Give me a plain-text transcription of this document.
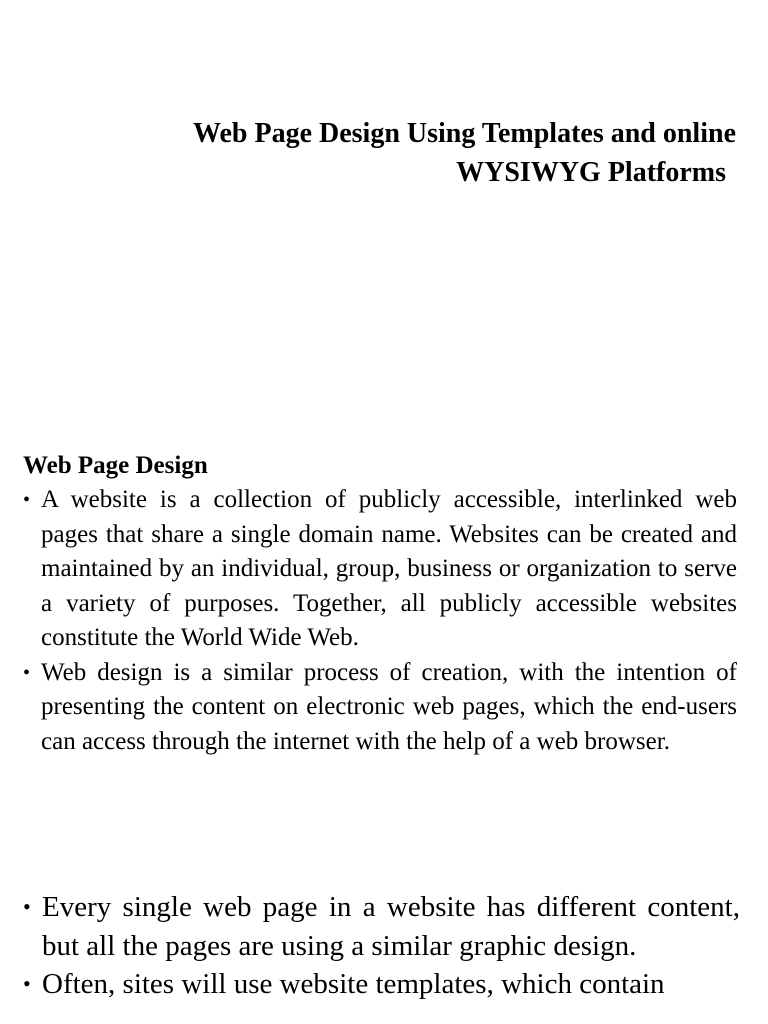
Web Page Design Using Templates and online
WYSIWYG Platforms
Web Page Design
• A website is a collection of publicly accessible, interlinked web pages that share a single domain name. Websites can be created and maintained by an individual, group, business or organization to serve a variety of purposes. Together, all publicly accessible websites constitute the World Wide Web.
• Web design is a similar process of creation, with the intention of presenting the content on electronic web pages, which the end-users can access through the internet with the help of a web browser.
• Every single web page in a website has different content, but all the pages are using a similar graphic design.
• Often, sites will use website templates, which contain
